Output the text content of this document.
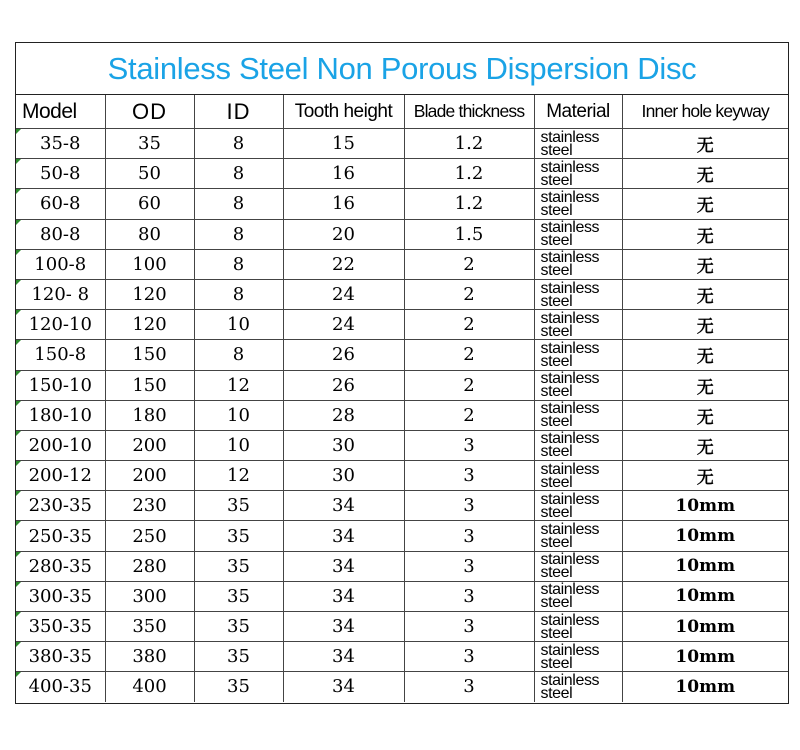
Stainless Steel Non Porous Dispersion Disc
Model	OD	ID	Tooth height	Blade thickness	Material	Inner hole keyway
35-8	35	8	15	1.2	stainless steel	无
50-8	50	8	16	1.2	stainless steel	无
60-8	60	8	16	1.2	stainless steel	无
80-8	80	8	20	1.5	stainless steel	无
100-8	100	8	22	2	stainless steel	无
120- 8	120	8	24	2	stainless steel	无
120-10	120	10	24	2	stainless steel	无
150-8	150	8	26	2	stainless steel	无
150-10	150	12	26	2	stainless steel	无
180-10	180	10	28	2	stainless steel	无
200-10	200	10	30	3	stainless steel	无
200-12	200	12	30	3	stainless steel	无
230-35	230	35	34	3	stainless steel	10mm
250-35	250	35	34	3	stainless steel	10mm
280-35	280	35	34	3	stainless steel	10mm
300-35	300	35	34	3	stainless steel	10mm
350-35	350	35	34	3	stainless steel	10mm
380-35	380	35	34	3	stainless steel	10mm
400-35	400	35	34	3	stainless steel	10mm
